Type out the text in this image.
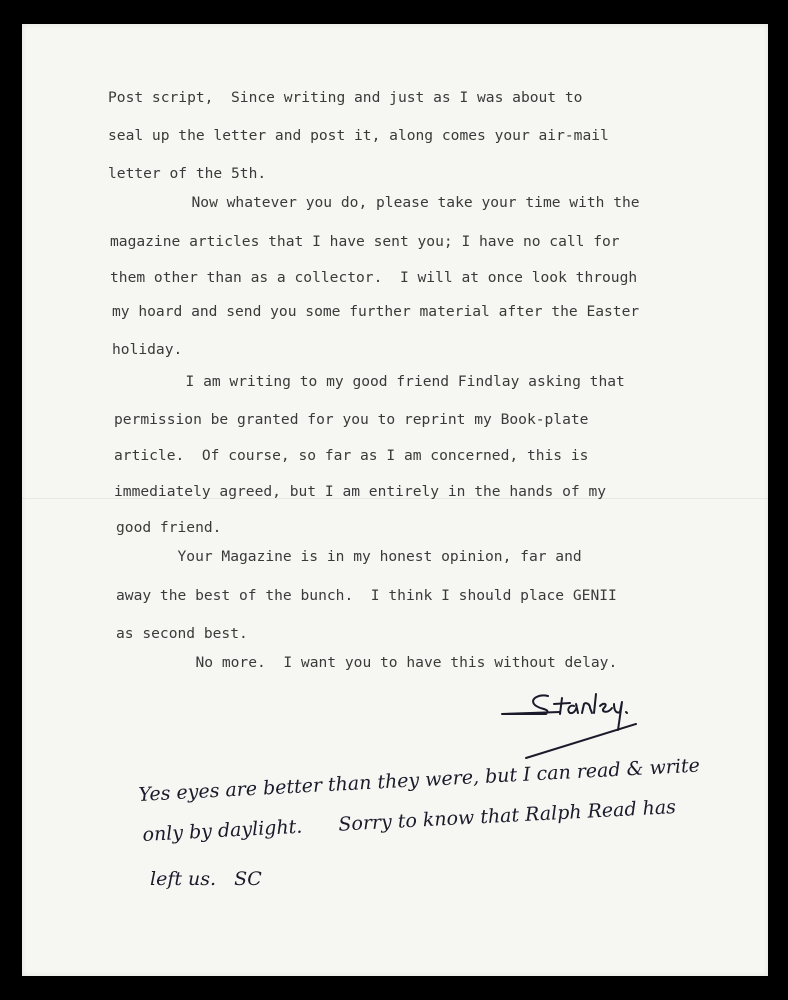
Post script,  Since writing and just as I was about to
seal up the letter and post it, along comes your air-mail
letter of the 5th.
Now whatever you do, please take your time with the
magazine articles that I have sent you; I have no call for
them other than as a collector.  I will at once look through
my hoard and send you some further material after the Easter
holiday.
I am writing to my good friend Findlay asking that
permission be granted for you to reprint my Book-plate
article.  Of course, so far as I am concerned, this is
immediately agreed, but I am entirely in the hands of my
good friend.
Your Magazine is in my honest opinion, far and
away the best of the bunch.  I think I should place GENII
as second best.
No more.  I want you to have this without delay.
Yes eyes are better than they were, but I can read & write
only by daylight.      Sorry to know that Ralph Read has
left us.   SC
